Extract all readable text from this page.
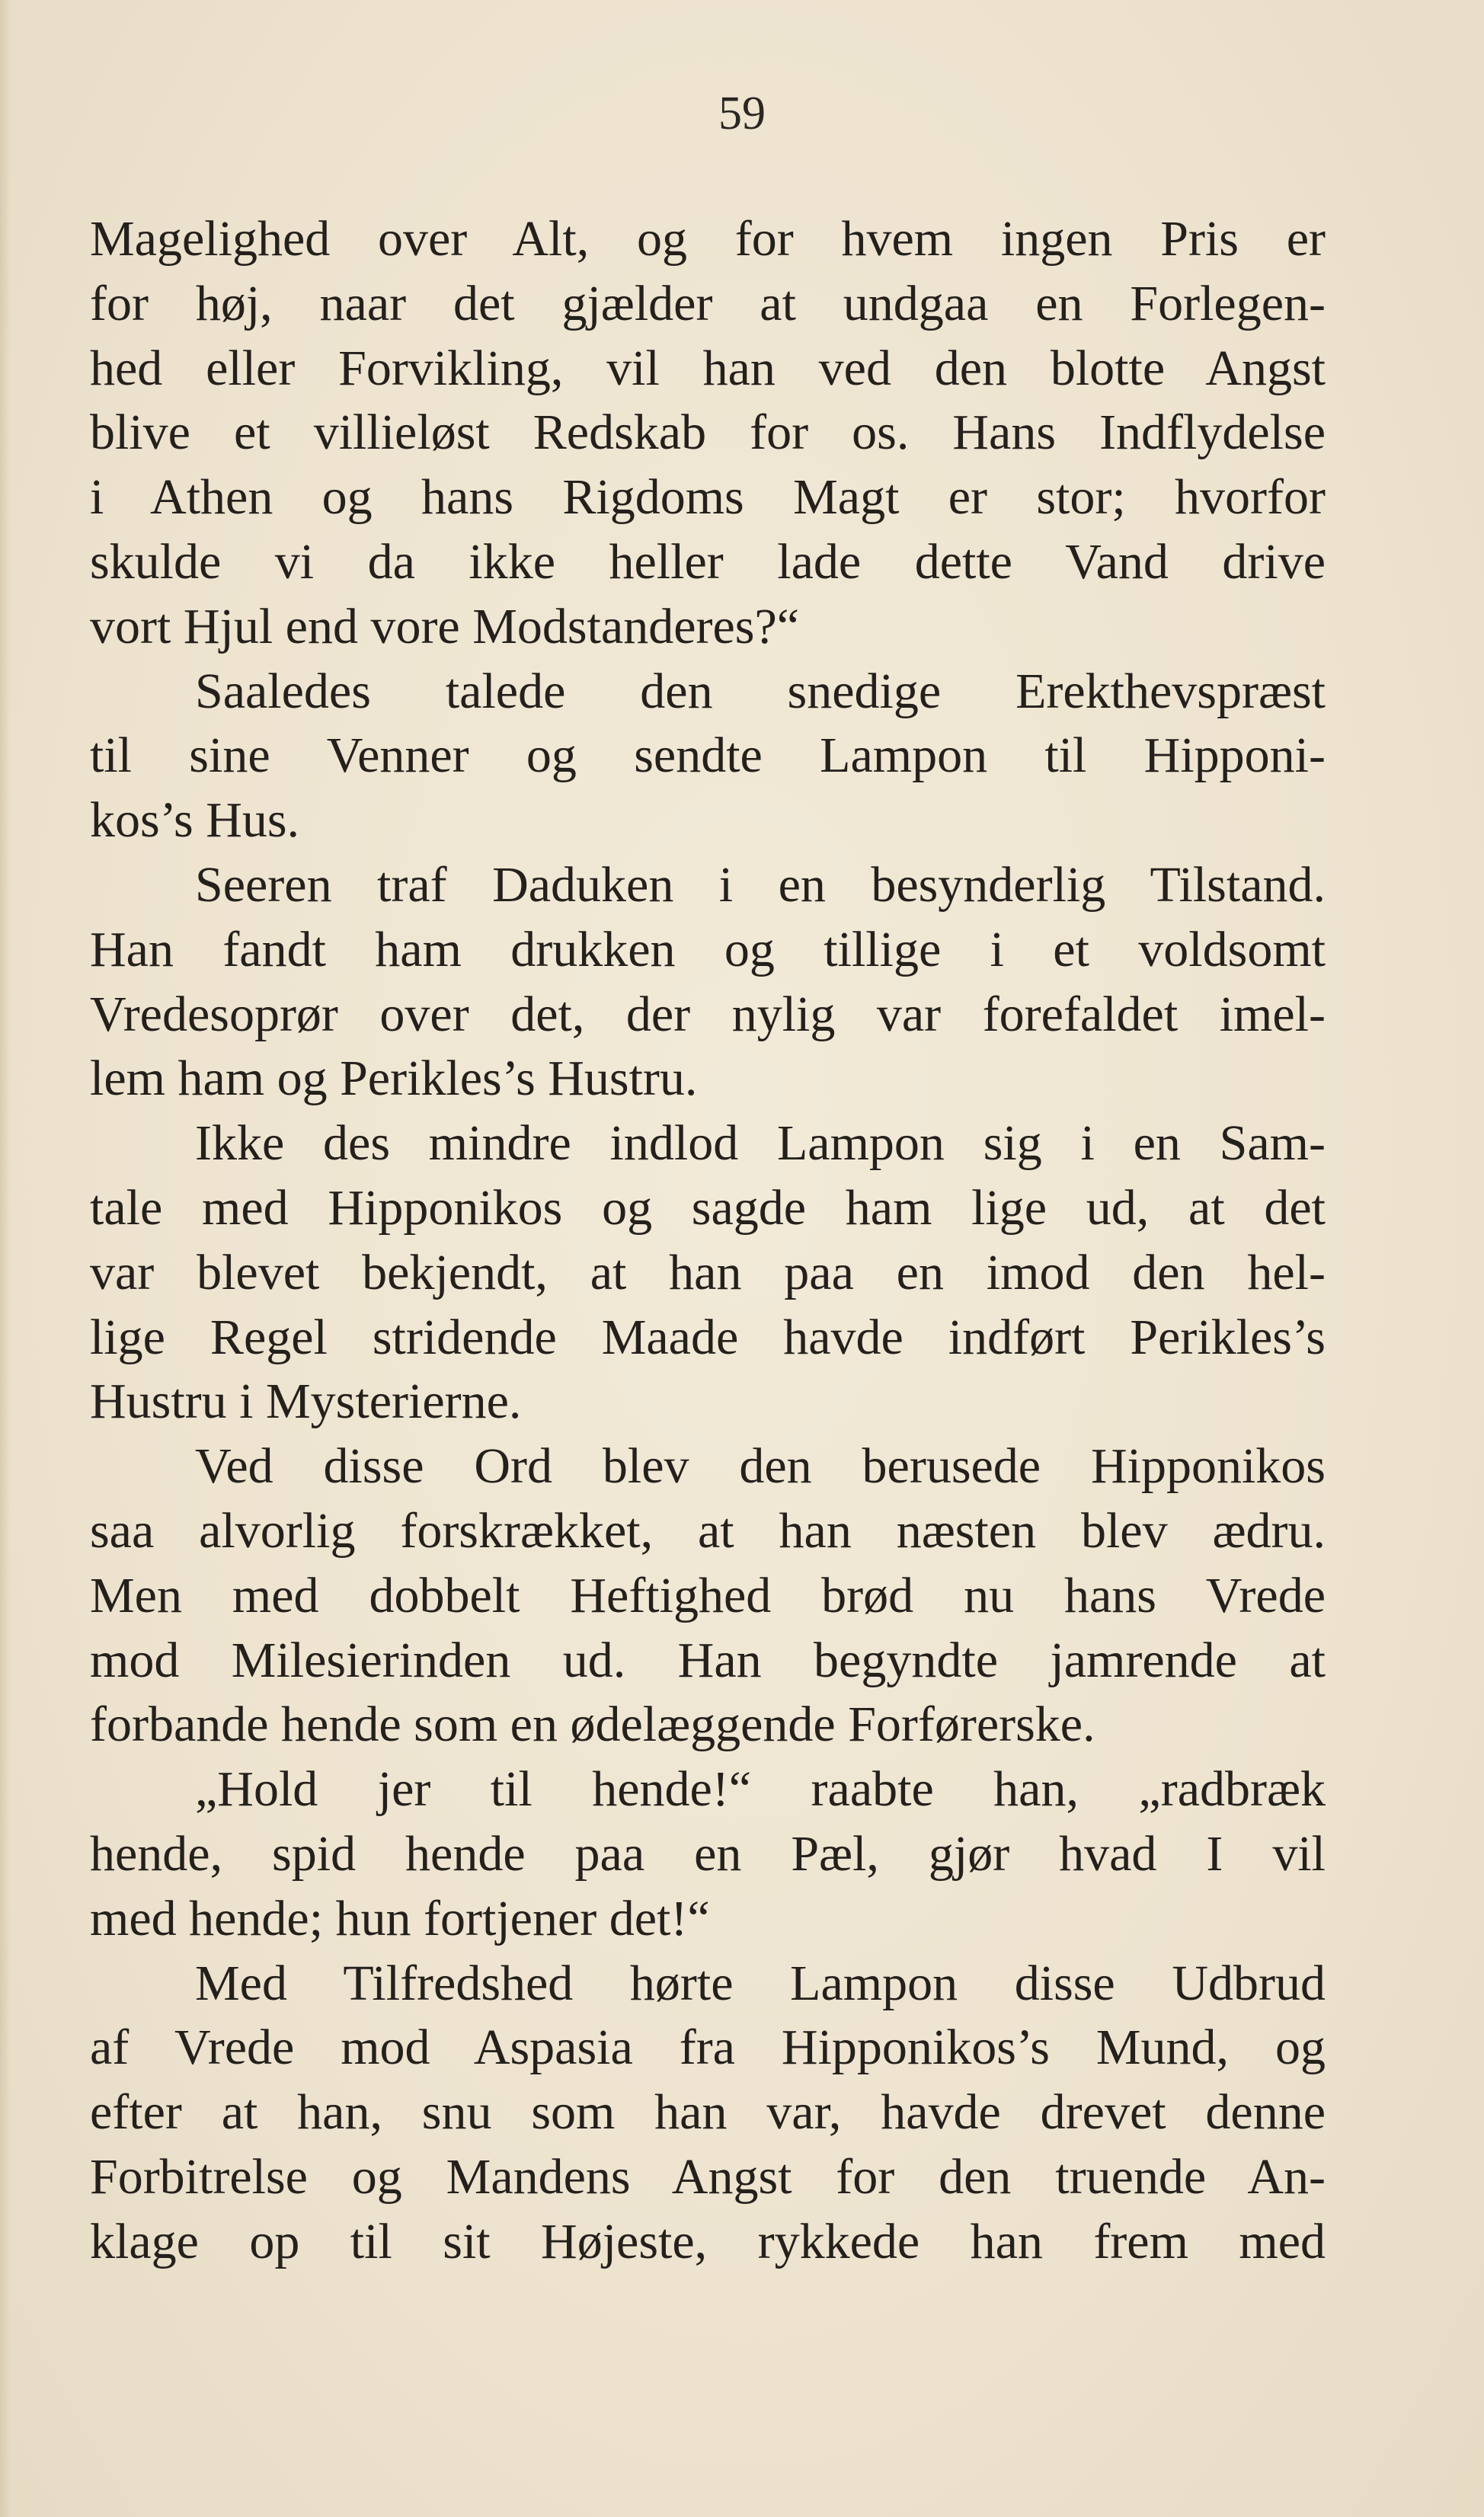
59
Magelighed over Alt, og for hvem ingen Pris er
for høj, naar det gjælder at undgaa en Forlegen-
hed eller Forvikling, vil han ved den blotte Angst
blive et villieløst Redskab for os. Hans Indflydelse
i Athen og hans Rigdoms Magt er stor; hvorfor
skulde vi da ikke heller lade dette Vand drive
vort Hjul end vore Modstanderes?“
Saaledes talede den snedige Erekthevspræst
til sine Venner og sendte Lampon til Hipponi-
kos’s Hus.
Seeren traf Daduken i en besynderlig Tilstand.
Han fandt ham drukken og tillige i et voldsomt
Vredesoprør over det, der nylig var forefaldet imel-
lem ham og Perikles’s Hustru.
Ikke des mindre indlod Lampon sig i en Sam-
tale med Hipponikos og sagde ham lige ud, at det
var blevet bekjendt, at han paa en imod den hel-
lige Regel stridende Maade havde indført Perikles’s
Hustru i Mysterierne.
Ved disse Ord blev den berusede Hipponikos
saa alvorlig forskrækket, at han næsten blev ædru.
Men med dobbelt Heftighed brød nu hans Vrede
mod Milesierinden ud. Han begyndte jamrende at
forbande hende som en ødelæggende Forførerske.
„Hold jer til hende!“ raabte han, „radbræk
hende, spid hende paa en Pæl, gjør hvad I vil
med hende; hun fortjener det!“
Med Tilfredshed hørte Lampon disse Udbrud
af Vrede mod Aspasia fra Hipponikos’s Mund, og
efter at han, snu som han var, havde drevet denne
Forbitrelse og Mandens Angst for den truende An-
klage op til sit Højeste, rykkede han frem med
